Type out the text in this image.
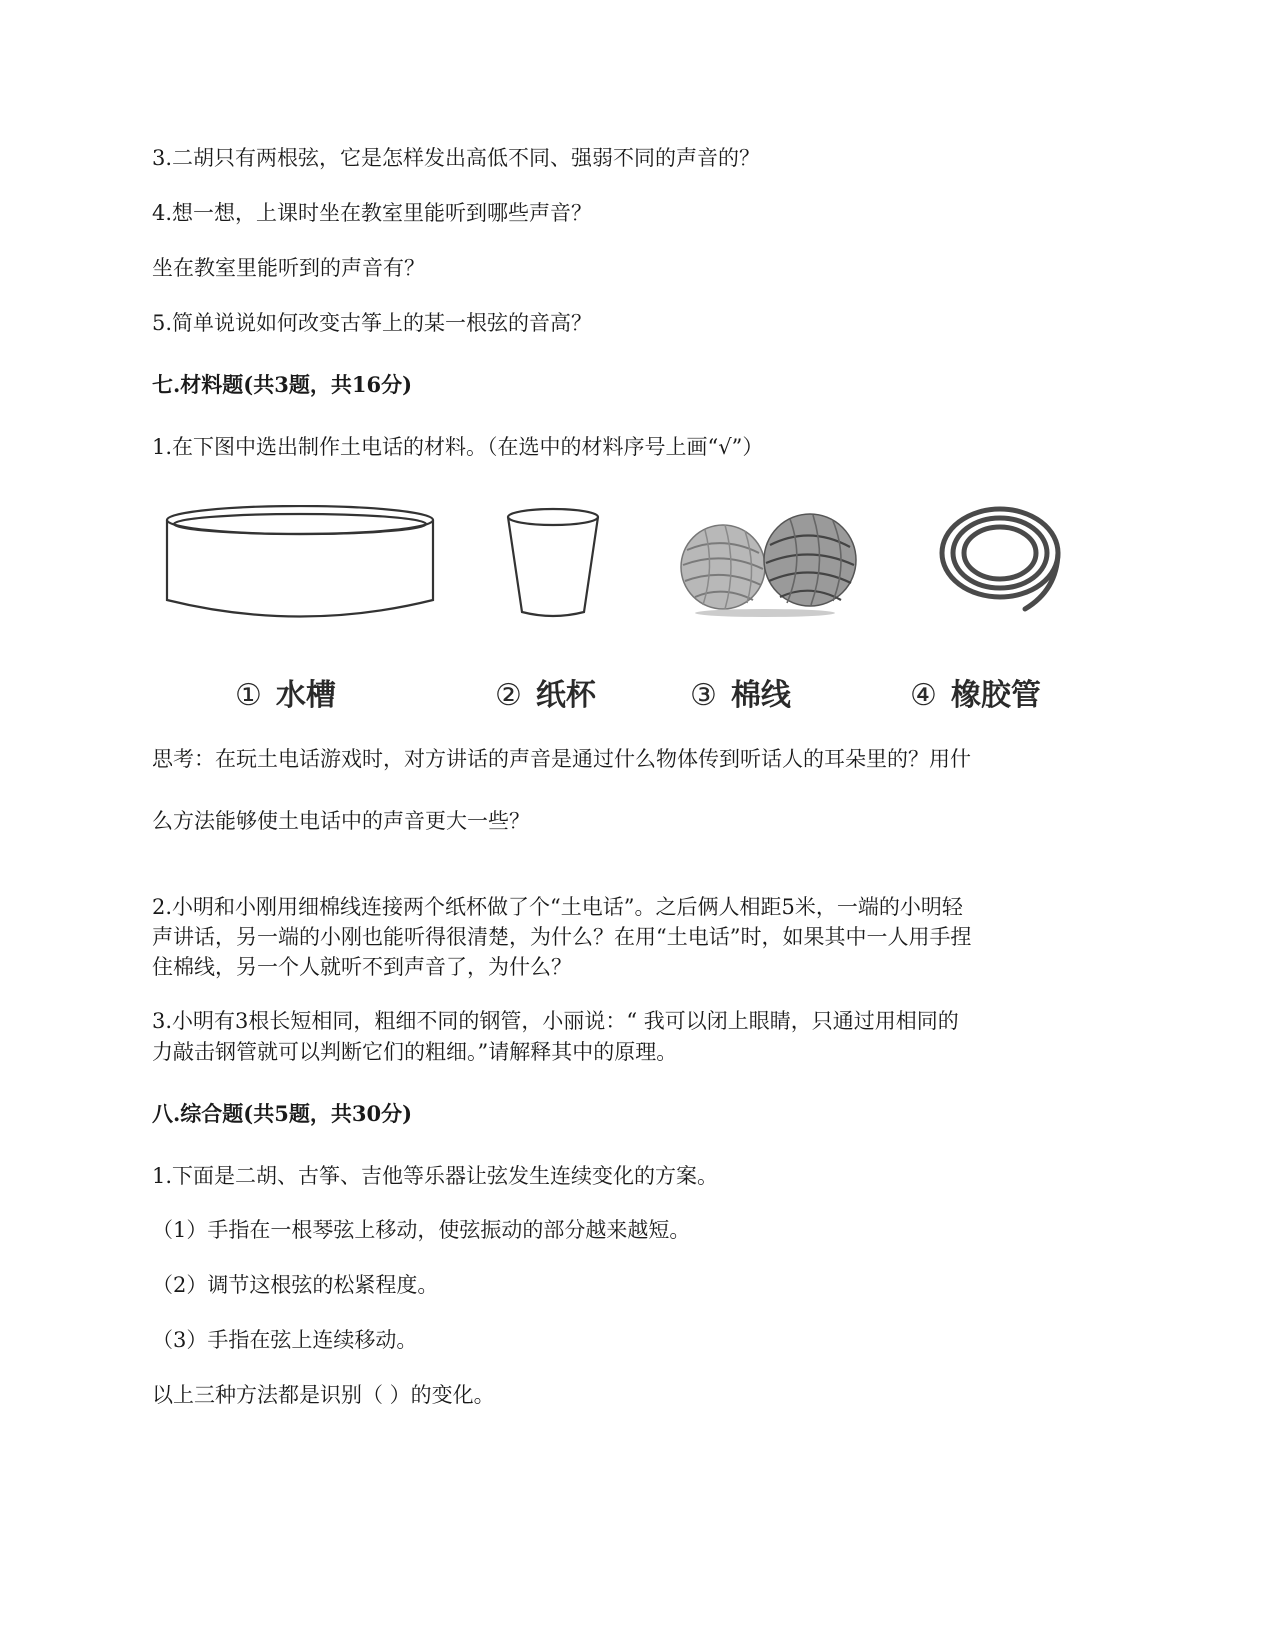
3.二胡只有两根弦，它是怎样发出高低不同、强弱不同的声音的？
4.想一想，上课时坐在教室里能听到哪些声音？
坐在教室里能听到的声音有？
5.简单说说如何改变古筝上的某一根弦的音高？
七.材料题(共3题，共16分)
1.在下图中选出制作土电话的材料。（在选中的材料序号上画“√”）
① 水槽	② 纸杯	③ 棉线	④ 橡胶管
思考：在玩土电话游戏时，对方讲话的声音是通过什么物体传到听话人的耳朵里的？用什
么方法能够使土电话中的声音更大一些？
2.小明和小刚用细棉线连接两个纸杯做了个“土电话”。之后俩人相距5米，一端的小明轻
声讲话，另一端的小刚也能听得很清楚，为什么？在用“土电话”时，如果其中一人用手捏
住棉线，另一个人就听不到声音了，为什么？
3.小明有3根长短相同，粗细不同的钢管，小丽说：“ 我可以闭上眼睛，只通过用相同的
力敲击钢管就可以判断它们的粗细。”请解释其中的原理。
八.综合题(共5题，共30分)
1.下面是二胡、古筝、吉他等乐器让弦发生连续变化的方案。
（1）手指在一根琴弦上移动，使弦振动的部分越来越短。
（2）调节这根弦的松紧程度。
（3）手指在弦上连续移动。
以上三种方法都是识别（ ）的变化。
